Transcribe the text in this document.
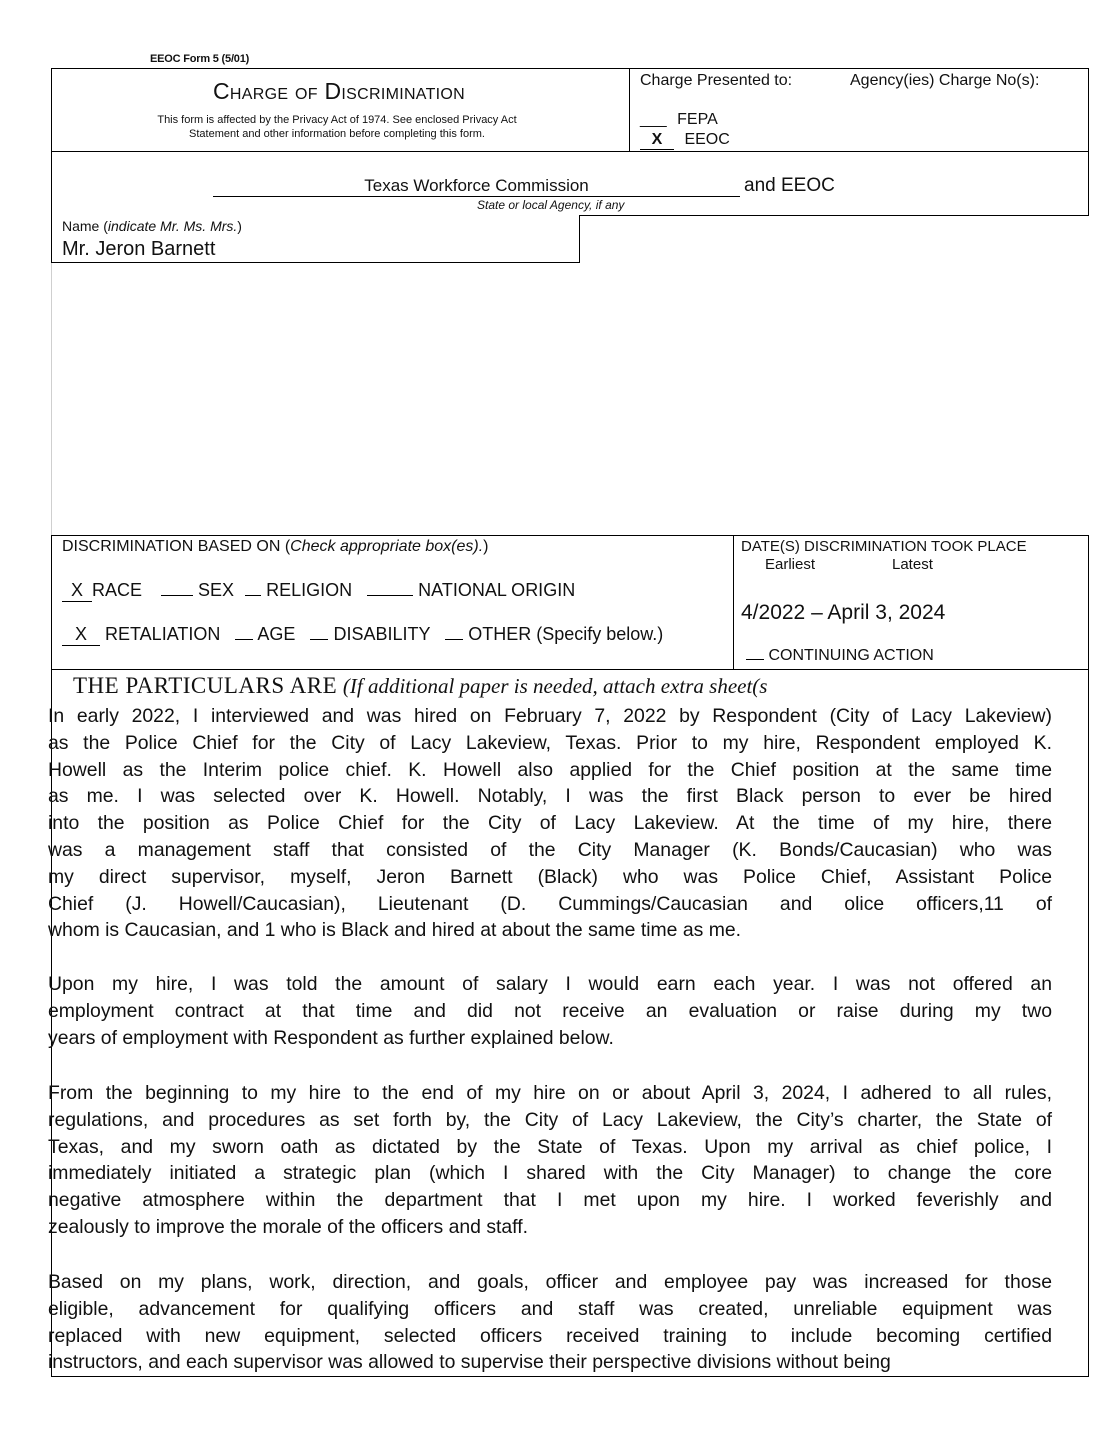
EEOC Form 5 (5/01)
Charge of Discrimination
This form is affected by the Privacy Act of 1974. See enclosed Privacy Act
Statement and other information before completing this form.
Charge Presented to:	Agency(ies) Charge No(s):
___ FEPA
X EEOC
Texas Workforce Commission	and EEOC
State or local Agency, if any
Name (indicate Mr. Ms. Mrs.)
Mr. Jeron Barnett
DISCRIMINATION BASED ON (Check appropriate box(es).)
X RACE	SEX RELIGION	NATIONAL ORIGIN
X RETALIATION AGE DISABILITY OTHER (Specify below.)
DATE(S) DISCRIMINATION TOOK PLACE
Earliest	Latest
4/2022 – April 3, 2024
CONTINUING ACTION
THE PARTICULARS ARE (If additional paper is needed, attach extra sheet(s
In early 2022, I interviewed and was hired on February 7, 2022 by Respondent (City of Lacy Lakeview)
as the Police Chief for the City of Lacy Lakeview, Texas. Prior to my hire, Respondent employed K.
Howell as the Interim police chief. K. Howell also applied for the Chief position at the same time
as me. I was selected over K. Howell. Notably, I was the first Black person to ever be hired
into the position as Police Chief for the City of Lacy Lakeview. At the time of my hire, there
was a management staff that consisted of the City Manager (K. Bonds/Caucasian) who was
my direct supervisor, myself, Jeron Barnett (Black) who was Police Chief, Assistant Police
Chief (J. Howell/Caucasian), Lieutenant (D. Cummings/Caucasian and olice officers,11 of
whom is Caucasian, and 1 who is Black and hired at about the same time as me.
Upon my hire, I was told the amount of salary I would earn each year. I was not offered an
employment contract at that time and did not receive an evaluation or raise during my two
years of employment with Respondent as further explained below.
From the beginning to my hire to the end of my hire on or about April 3, 2024, I adhered to all rules,
regulations, and procedures as set forth by, the City of Lacy Lakeview, the City’s charter, the State of
Texas, and my sworn oath as dictated by the State of Texas. Upon my arrival as chief police, I
immediately initiated a strategic plan (which I shared with the City Manager) to change the core
negative atmosphere within the department that I met upon my hire. I worked feverishly and
zealously to improve the morale of the officers and staff.
Based on my plans, work, direction, and goals, officer and employee pay was increased for those
eligible, advancement for qualifying officers and staff was created, unreliable equipment was
replaced with new equipment, selected officers received training to include becoming certified
instructors, and each supervisor was allowed to supervise their perspective divisions without being
